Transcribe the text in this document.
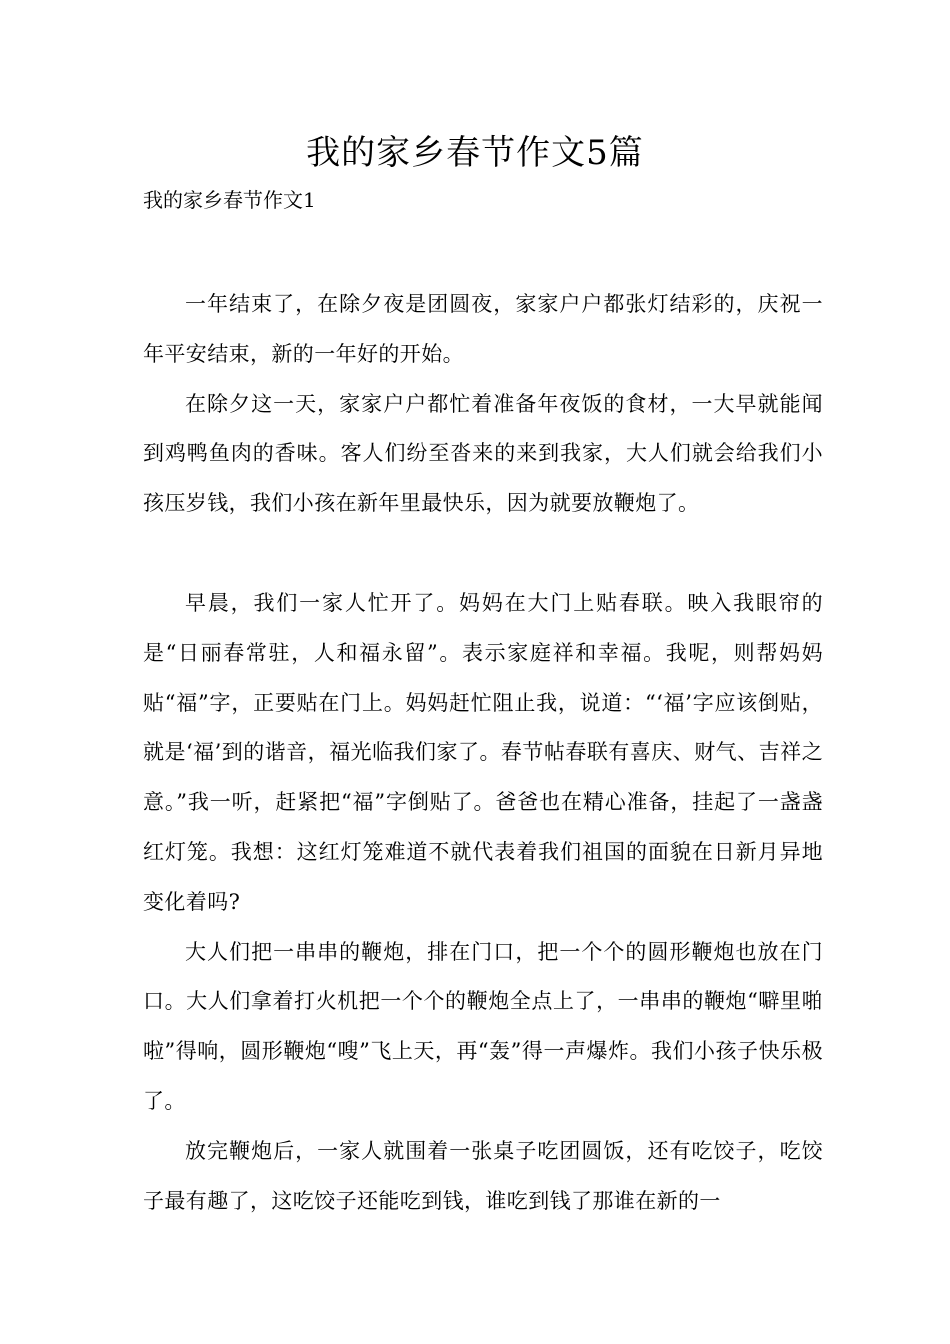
我的家乡春节作文5篇
我的家乡春节作文1

一年结束了，在除夕夜是团圆夜，家家户户都张灯结彩的，庆祝一年平安结束，新的一年好的开始。

在除夕这一天，家家户户都忙着准备年夜饭的食材，一大早就能闻到鸡鸭鱼肉的香味。客人们纷至沓来的来到我家，大人们就会给我们小孩压岁钱，我们小孩在新年里最快乐，因为就要放鞭炮了。

早晨，我们一家人忙开了。妈妈在大门上贴春联。映入我眼帘的是“日丽春常驻，人和福永留”。表示家庭祥和幸福。我呢，则帮妈妈贴“福”字，正要贴在门上。妈妈赶忙阻止我，说道：“‘福’字应该倒贴，就是‘福’到的谐音，福光临我们家了。春节帖春联有喜庆、财气、吉祥之意。”我一听，赶紧把“福”字倒贴了。爸爸也在精心准备，挂起了一盏盏红灯笼。我想：这红灯笼难道不就代表着我们祖国的面貌在日新月异地变化着吗?

大人们把一串串的鞭炮，排在门口，把一个个的圆形鞭炮也放在门口。大人们拿着打火机把一个个的鞭炮全点上了，一串串的鞭炮“噼里啪啦”得响，圆形鞭炮“嗖”飞上天，再“轰”得一声爆炸。我们小孩子快乐极了。

放完鞭炮后，一家人就围着一张桌子吃团圆饭，还有吃饺子，吃饺子最有趣了，这吃饺子还能吃到钱，谁吃到钱了那谁在新的一
